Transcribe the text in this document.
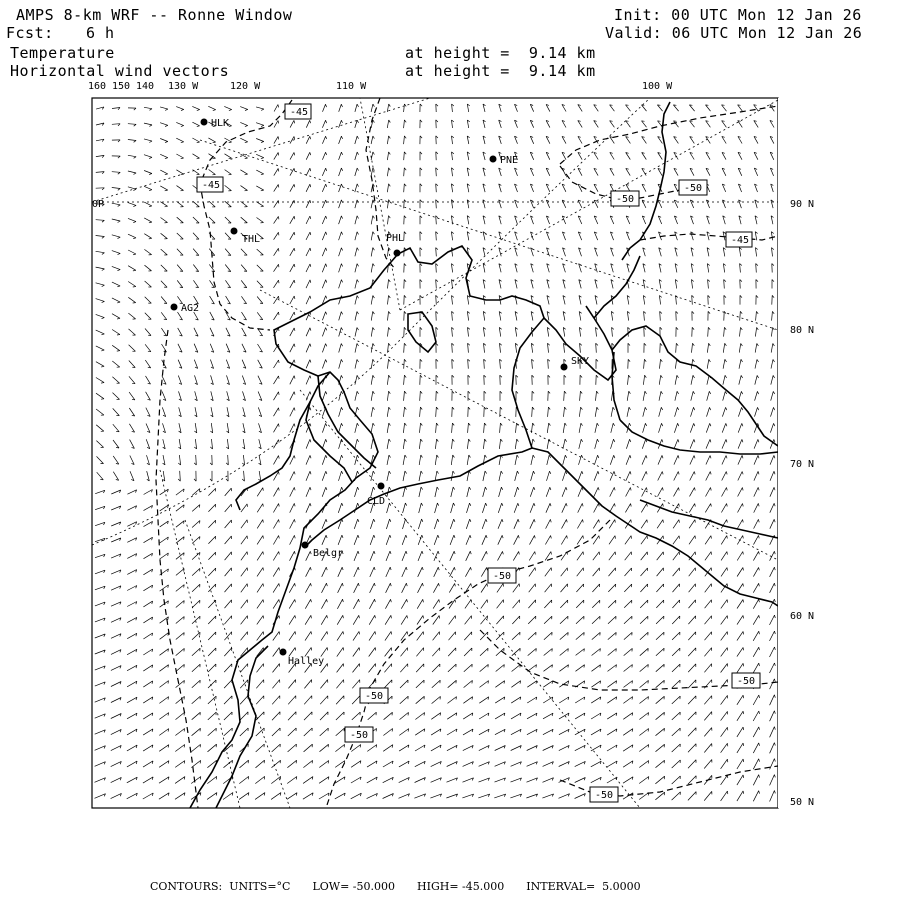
AMPS 8-km WRF -- Ronne Window
Fcst: 6 h
Init: 00 UTC Mon 12 Jan 26
Valid: 06 UTC Mon 12 Jan 26
Temperature	at height =  9.14 km
Horizontal wind vectors	at height =  9.14 km
160 150 140 130 W	120 W	110 W	100 W
90 N
80 N
70 N
60 N
50 N
0P
HLK
PNE
THL	PHL
AG2
SKY
CLD
Belgr
Halley
-45
-45
-50
-50
-45
-50
-50
-50
-50
-50
CONTOURS:  UNITS=°C LOW= -50.000 HIGH= -45.000 INTERVAL=  5.0000
